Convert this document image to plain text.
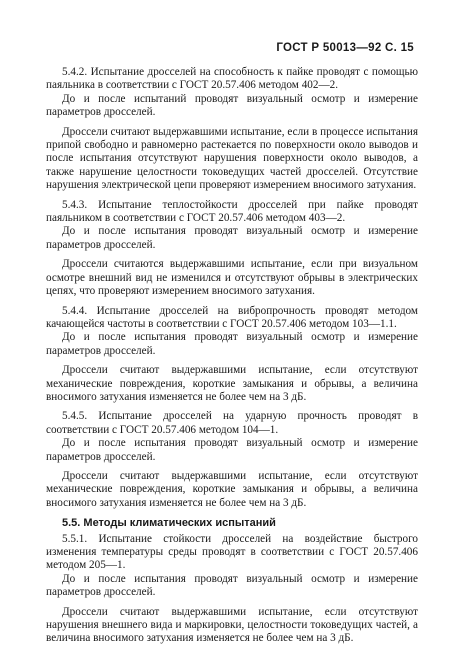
ГОСТ Р 50013—92 С. 15

5.4.2. Испытание дросселей на способность к пайке проводят с помощью паяльника в соответствии с ГОСТ 20.57.406 методом 402—2.

До и после испытаний проводят визуальный осмотр и измерение параметров дросселей.

Дроссели считают выдержавшими испытание, если в процессе испытания припой свободно и равномерно растекается по поверхности около выводов и после испытания отсутствуют нарушения поверхности около выводов, а также нарушение целостности токоведущих частей дросселей. Отсутствие нарушения электрической цепи проверяют измерением вносимого затухания.

5.4.3. Испытание теплостойкости дросселей при пайке проводят паяльником в соответствии с ГОСТ 20.57.406 методом 403—2.

До и после испытания проводят визуальный осмотр и измерение параметров дросселей.

Дроссели считаются выдержавшими испытание, если при визуальном осмотре внешний вид не изменился и отсутствуют обрывы в электрических цепях, что проверяют измерением вносимого затухания.

5.4.4. Испытание дросселей на вибропрочность проводят методом качающейся частоты в соответствии с ГОСТ 20.57.406 методом 103—1.1.

До и после испытания проводят визуальный осмотр и измерение параметров дросселей.

Дроссели считают выдержавшими испытание, если отсутствуют механические повреждения, короткие замыкания и обрывы, а величина вносимого затухания изменяется не более чем на 3 дБ.

5.4.5. Испытание дросселей на ударную прочность проводят в соответствии с ГОСТ 20.57.406 методом 104—1.

До и после испытания проводят визуальный осмотр и измерение параметров дросселей.

Дроссели считают выдержавшими испытание, если отсутствуют механические повреждения, короткие замыкания и обрывы, а величина вносимого затухания изменяется не более чем на 3 дБ.

5.5. Методы климатических испытаний

5.5.1. Испытание стойкости дросселей на воздействие быстрого изменения температуры среды проводят в соответствии с ГОСТ 20.57.406 методом 205—1.

До и после испытания проводят визуальный осмотр и измерение параметров дросселей.

Дроссели считают выдержавшими испытание, если отсутствуют нарушения внешнего вида и маркировки, целостности токоведущих частей, а величина вносимого затухания изменяется не более чем на 3 дБ.
